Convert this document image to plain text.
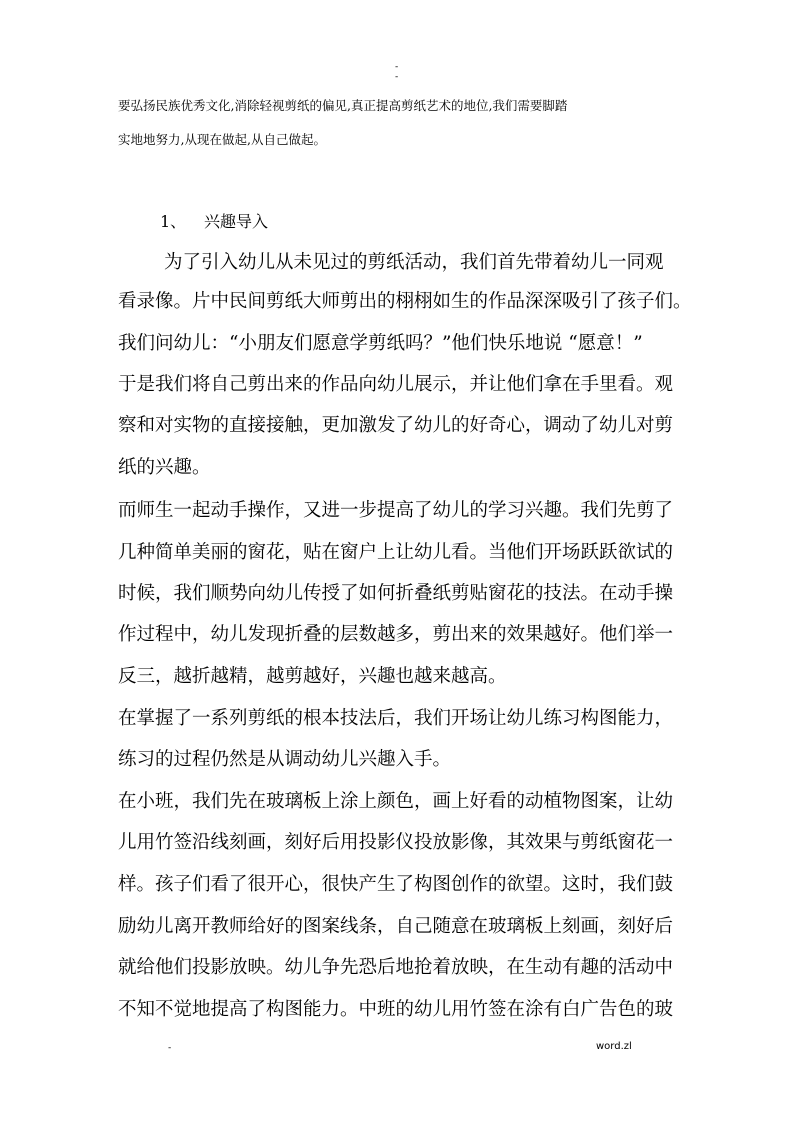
-
-
要弘扬民族优秀文化,消除轻视剪纸的偏见,真正提高剪纸艺术的地位,我们需要脚踏
实地地努力,从现在做起,从自己做起。
1、 兴趣导入
为了引入幼儿从未见过的剪纸活动，我们首先带着幼儿一同观
看录像。片中民间剪纸大师剪出的栩栩如生的作品深深吸引了孩子们。
我们问幼儿：“小朋友们愿意学剪纸吗？”他们快乐地说 “愿意！”
于是我们将自己剪出来的作品向幼儿展示，并让他们拿在手里看。观
察和对实物的直接接触，更加激发了幼儿的好奇心，调动了幼儿对剪
纸的兴趣。
而师生一起动手操作，又进一步提高了幼儿的学习兴趣。我们先剪了
几种简单美丽的窗花，贴在窗户上让幼儿看。当他们开场跃跃欲试的
时候，我们顺势向幼儿传授了如何折叠纸剪贴窗花的技法。在动手操
作过程中，幼儿发现折叠的层数越多，剪出来的效果越好。他们举一
反三，越折越精，越剪越好，兴趣也越来越高。
在掌握了一系列剪纸的根本技法后，我们开场让幼儿练习构图能力，
练习的过程仍然是从调动幼儿兴趣入手。
在小班，我们先在玻璃板上涂上颜色，画上好看的动植物图案，让幼
儿用竹签沿线刻画，刻好后用投影仪投放影像，其效果与剪纸窗花一
样。孩子们看了很开心，很快产生了构图创作的欲望。这时，我们鼓
励幼儿离开教师给好的图案线条，自己随意在玻璃板上刻画，刻好后
就给他们投影放映。幼儿争先恐后地抢着放映，在生动有趣的活动中
不知不觉地提高了构图能力。中班的幼儿用竹签在涂有白广告色的玻
-	word.zl
